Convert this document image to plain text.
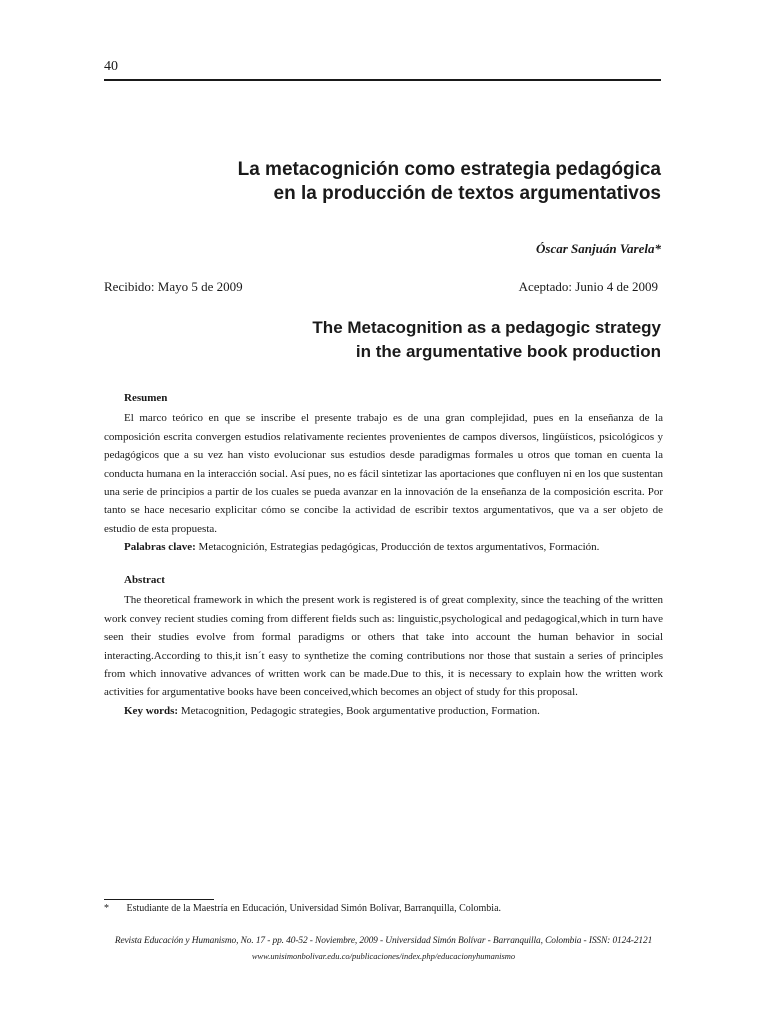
40
La metacognición como estrategia pedagógica
en la producción de textos argumentativos
Óscar Sanjuán Varela*
Recibido: Mayo 5 de 2009	Aceptado: Junio 4 de 2009
The Metacognition as a pedagogic strategy
in the argumentative book production
Resumen

El marco teórico en que se inscribe el presente trabajo es de una gran complejidad, pues en la enseñanza de la composición escrita convergen estudios relativamente recientes provenientes de campos diversos, lingüísticos, psicológicos y pedagógicos que a su vez han visto evolucionar sus estudios desde paradigmas formales u otros que toman en cuenta la conducta humana en la interacción social. Así pues, no es fácil sintetizar las aportaciones que confluyen ni en los que sustentan una serie de principios a partir de los cuales se pueda avanzar en la innovación de la enseñanza de la composición escrita. Por tanto se hace necesario explicitar cómo se concibe la actividad de escribir textos argumentativos, que va a ser objeto de estudio de esta propuesta.

Palabras clave: Metacognición, Estrategias pedagógicas, Producción de textos argumentativos, Formación.

Abstract

The theoretical framework in which the present work is registered is of great complexity, since the teaching of the written work convey recient studies coming from different fields such as: linguistic,psychological and pedagogical,which in turn have seen their studies evolve from formal paradigms or others that take into account the human behavior in social interacting.According to this,it isn´t easy to synthetize the coming contributions nor those that sustain a series of principles from which innovative advances of written work can be made.Due to this, it is necessary to explain how the written work activities for argumentative books have been conceived,which becomes an object of study for this proposal.

Key words: Metacognition, Pedagogic strategies, Book argumentative production, Formation.

* Estudiante de la Maestría en Educación, Universidad Simón Bolívar, Barranquilla, Colombia.
Revista Educación y Humanismo, No. 17 - pp. 40-52 - Noviembre, 2009 - Universidad Simón Bolívar - Barranquilla, Colombia - ISSN: 0124-2121
www.unisimonbolivar.edu.co/publicaciones/index.php/educacionyhumanismo
